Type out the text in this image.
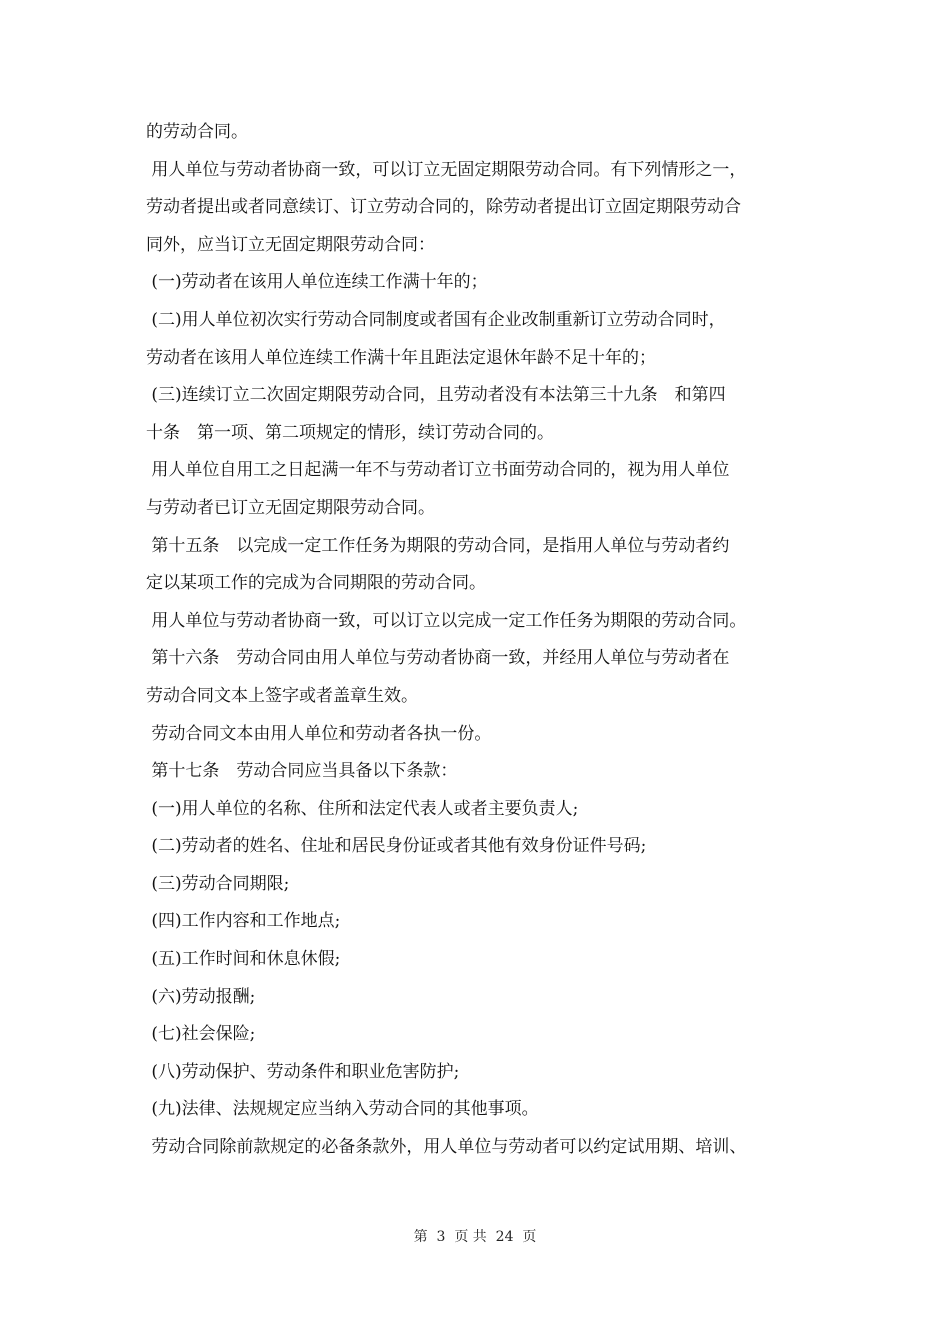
的劳动合同。
用人单位与劳动者协商一致，可以订立无固定期限劳动合同。有下列情形之一，
劳动者提出或者同意续订、订立劳动合同的，除劳动者提出订立固定期限劳动合
同外，应当订立无固定期限劳动合同：
(一)劳动者在该用人单位连续工作满十年的；
(二)用人单位初次实行劳动合同制度或者国有企业改制重新订立劳动合同时，
劳动者在该用人单位连续工作满十年且距法定退休年龄不足十年的；
(三)连续订立二次固定期限劳动合同，且劳动者没有本法第三十九条　和第四
十条　第一项、第二项规定的情形，续订劳动合同的。
用人单位自用工之日起满一年不与劳动者订立书面劳动合同的，视为用人单位
与劳动者已订立无固定期限劳动合同。
第十五条　以完成一定工作任务为期限的劳动合同，是指用人单位与劳动者约
定以某项工作的完成为合同期限的劳动合同。
用人单位与劳动者协商一致，可以订立以完成一定工作任务为期限的劳动合同。
第十六条　劳动合同由用人单位与劳动者协商一致，并经用人单位与劳动者在
劳动合同文本上签字或者盖章生效。
劳动合同文本由用人单位和劳动者各执一份。
第十七条　劳动合同应当具备以下条款：
(一)用人单位的名称、住所和法定代表人或者主要负责人;
(二)劳动者的姓名、住址和居民身份证或者其他有效身份证件号码;
(三)劳动合同期限;
(四)工作内容和工作地点;
(五)工作时间和休息休假;
(六)劳动报酬;
(七)社会保险;
(八)劳动保护、劳动条件和职业危害防护;
(九)法律、法规规定应当纳入劳动合同的其他事项。
劳动合同除前款规定的必备条款外，用人单位与劳动者可以约定试用期、培训、
第  3  页 共  24  页
